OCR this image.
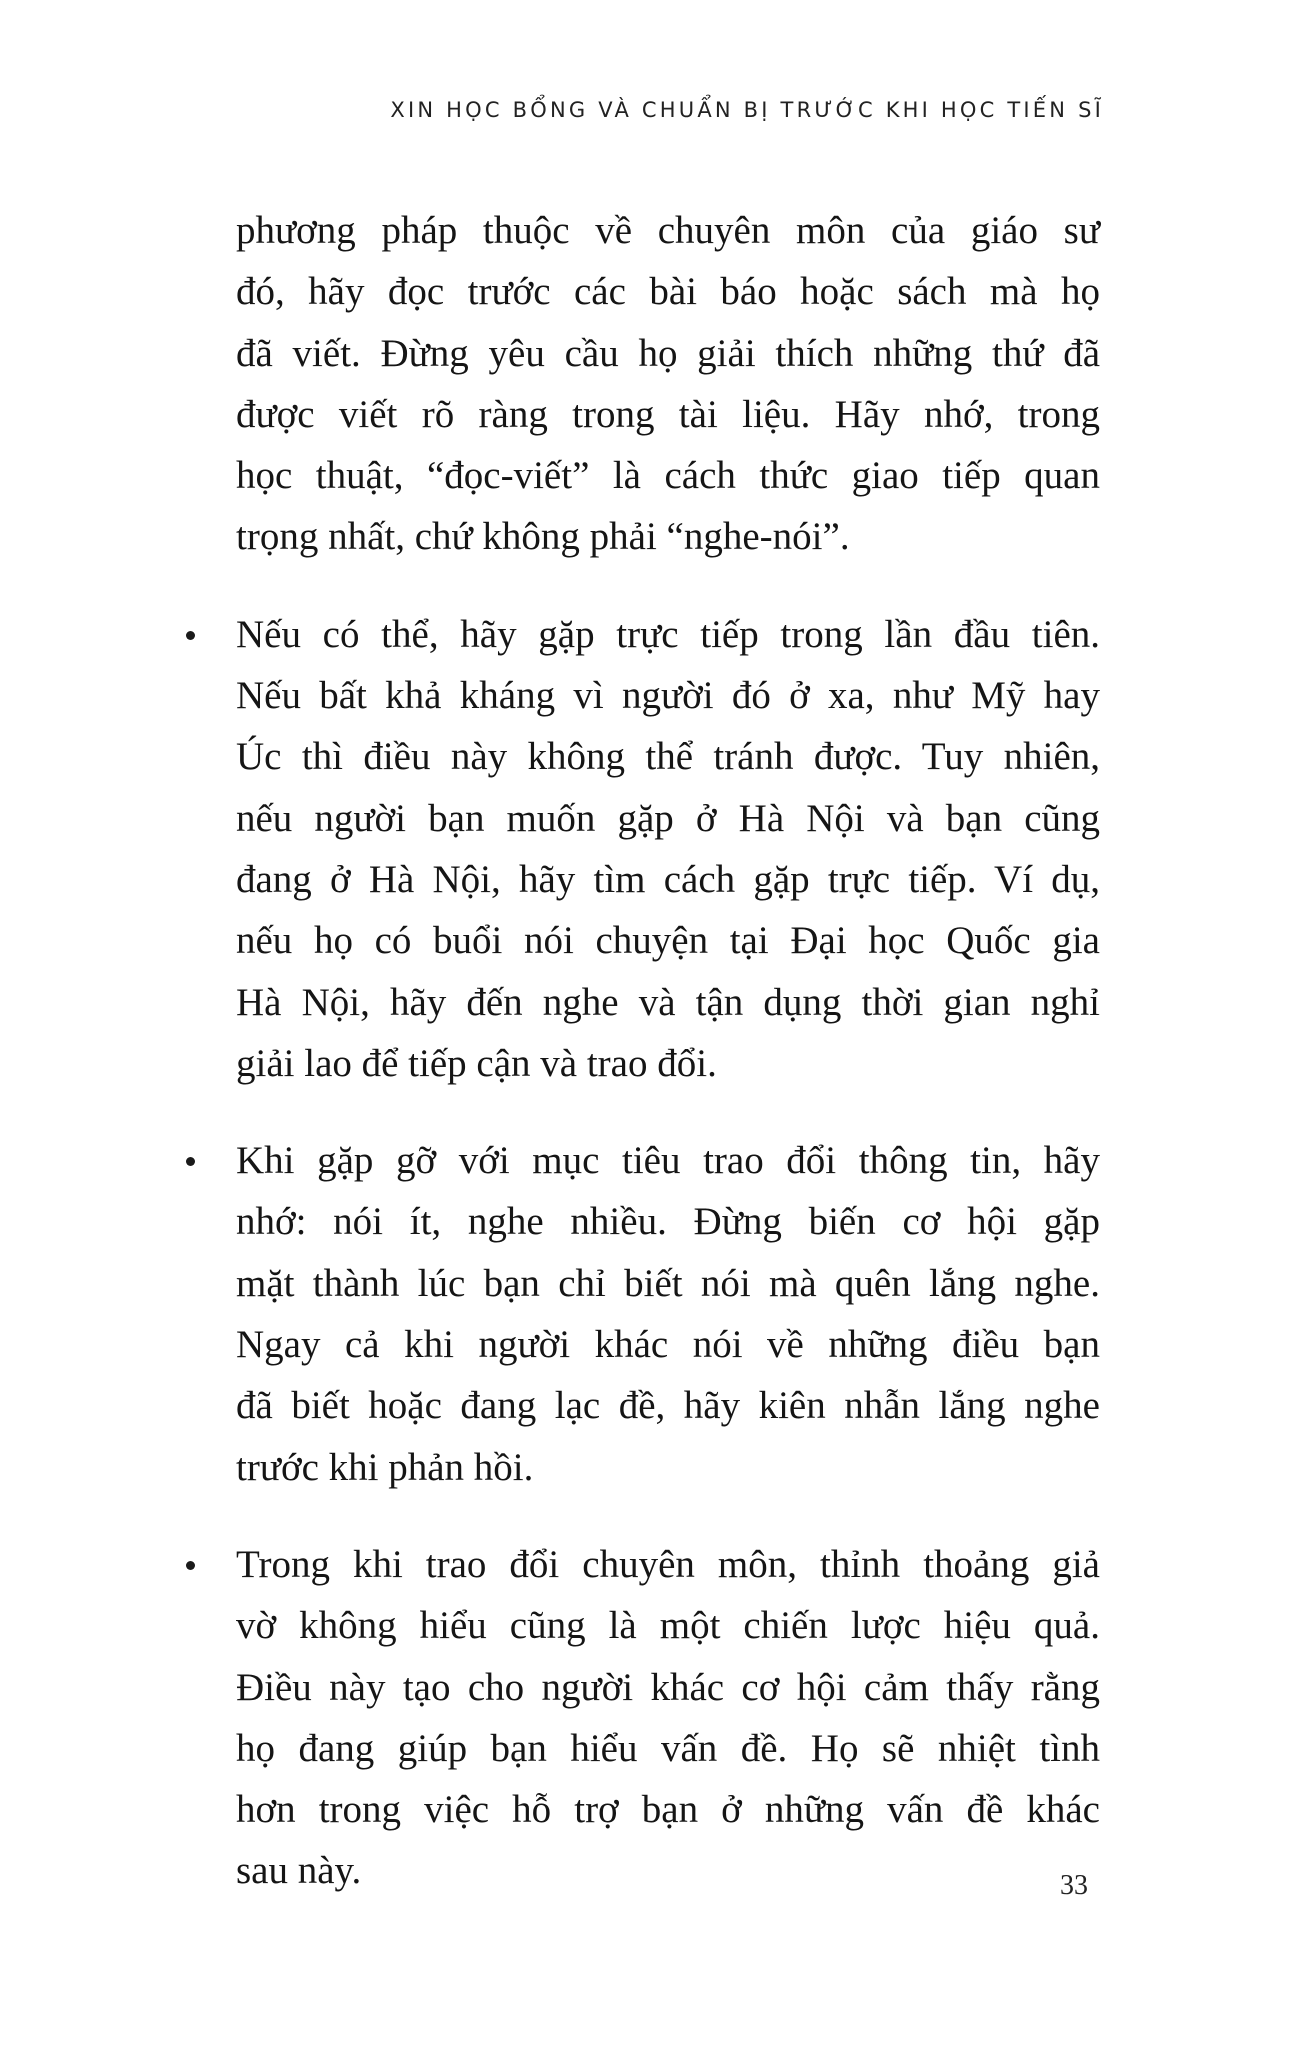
XIN HỌC BỔNG VÀ CHUẨN BỊ TRƯỚC KHI HỌC TIẾN SĨ
phương pháp thuộc về chuyên môn của giáo sư
đó, hãy đọc trước các bài báo hoặc sách mà họ
đã viết. Đừng yêu cầu họ giải thích những thứ đã
được viết rõ ràng trong tài liệu. Hãy nhớ, trong
học thuật, “đọc-viết” là cách thức giao tiếp quan
trọng nhất, chứ không phải “nghe-nói”.
Nếu có thể, hãy gặp trực tiếp trong lần đầu tiên.
Nếu bất khả kháng vì người đó ở xa, như Mỹ hay
Úc thì điều này không thể tránh được. Tuy nhiên,
nếu người bạn muốn gặp ở Hà Nội và bạn cũng
đang ở Hà Nội, hãy tìm cách gặp trực tiếp. Ví dụ,
nếu họ có buổi nói chuyện tại Đại học Quốc gia
Hà Nội, hãy đến nghe và tận dụng thời gian nghỉ
giải lao để tiếp cận và trao đổi.
Khi gặp gỡ với mục tiêu trao đổi thông tin, hãy
nhớ: nói ít, nghe nhiều. Đừng biến cơ hội gặp
mặt thành lúc bạn chỉ biết nói mà quên lắng nghe.
Ngay cả khi người khác nói về những điều bạn
đã biết hoặc đang lạc đề, hãy kiên nhẫn lắng nghe
trước khi phản hồi.
Trong khi trao đổi chuyên môn, thỉnh thoảng giả
vờ không hiểu cũng là một chiến lược hiệu quả.
Điều này tạo cho người khác cơ hội cảm thấy rằng
họ đang giúp bạn hiểu vấn đề. Họ sẽ nhiệt tình
hơn trong việc hỗ trợ bạn ở những vấn đề khác
sau này.	33
